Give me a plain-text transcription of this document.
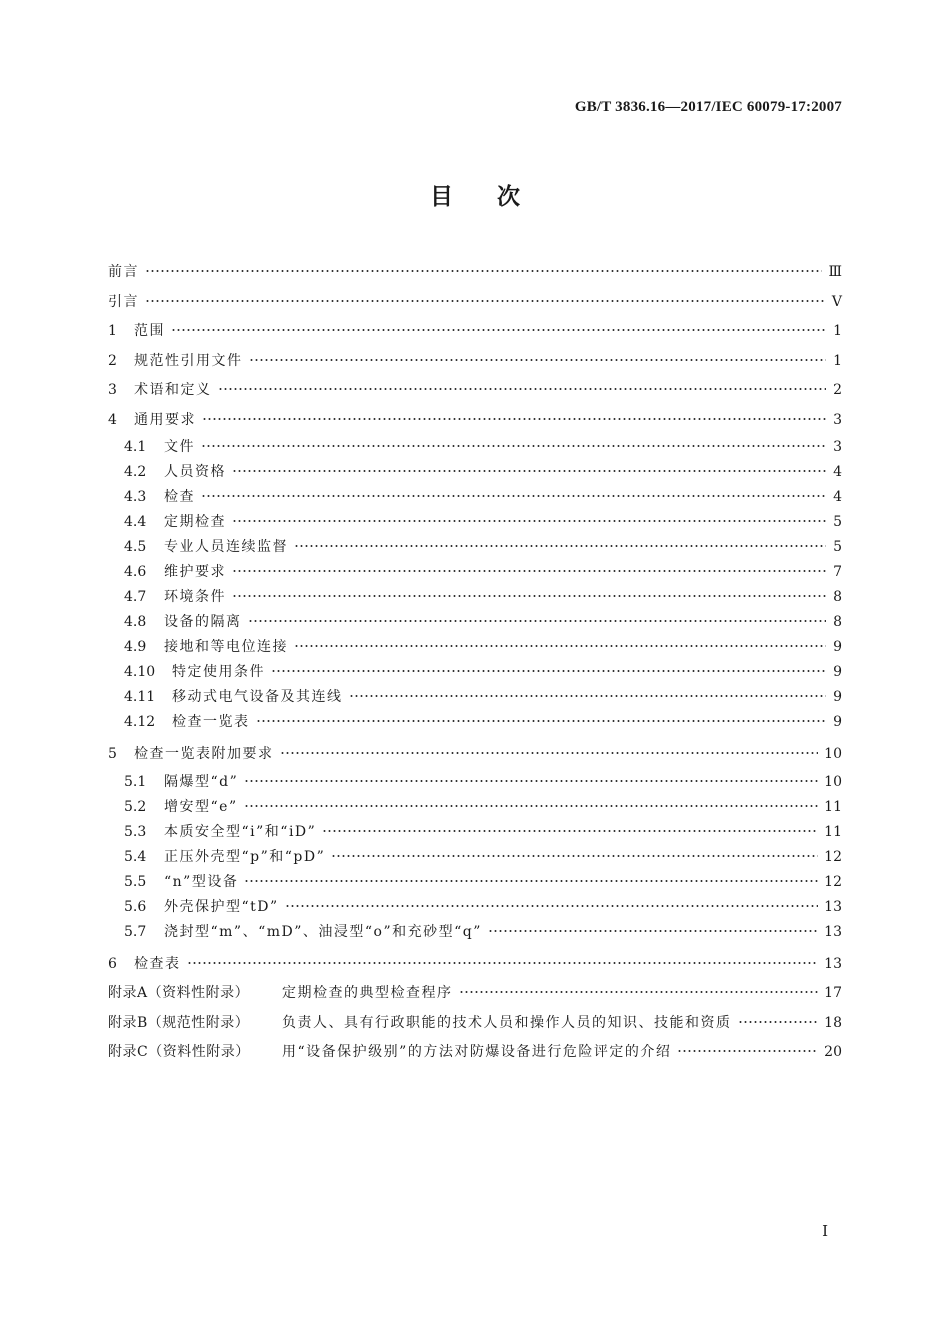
GB/T 3836.16—2017/IEC 60079-17:2007
目次
前言	Ⅲ
引言	Ⅴ
1	范围	1
2	规范性引用文件	1
3	术语和定义	2
4	通用要求	3
4.1	文件	3
4.2	人员资格	4
4.3	检查	4
4.4	定期检查	5
4.5	专业人员连续监督	5
4.6	维护要求	7
4.7	环境条件	8
4.8	设备的隔离	8
4.9	接地和等电位连接	9
4.10	特定使用条件	9
4.11	移动式电气设备及其连线	9
4.12	检查一览表	9
5	检查一览表附加要求	10
5.1	隔爆型“d”	10
5.2	增安型“e”	11
5.3	本质安全型“i”和“iD”	11
5.4	正压外壳型“p”和“pD”	12
5.5	“n”型设备	12
5.6	外壳保护型“tD”	13
5.7	浇封型“m”、“mD”、油浸型“o”和充砂型“q”	13
6	检查表	13
附录A（资料性附录）	定期检查的典型检查程序	17
附录B（规范性附录）	负责人、具有行政职能的技术人员和操作人员的知识、技能和资质	18
附录C（资料性附录）	用“设备保护级别”的方法对防爆设备进行危险评定的介绍	20
Ⅰ
